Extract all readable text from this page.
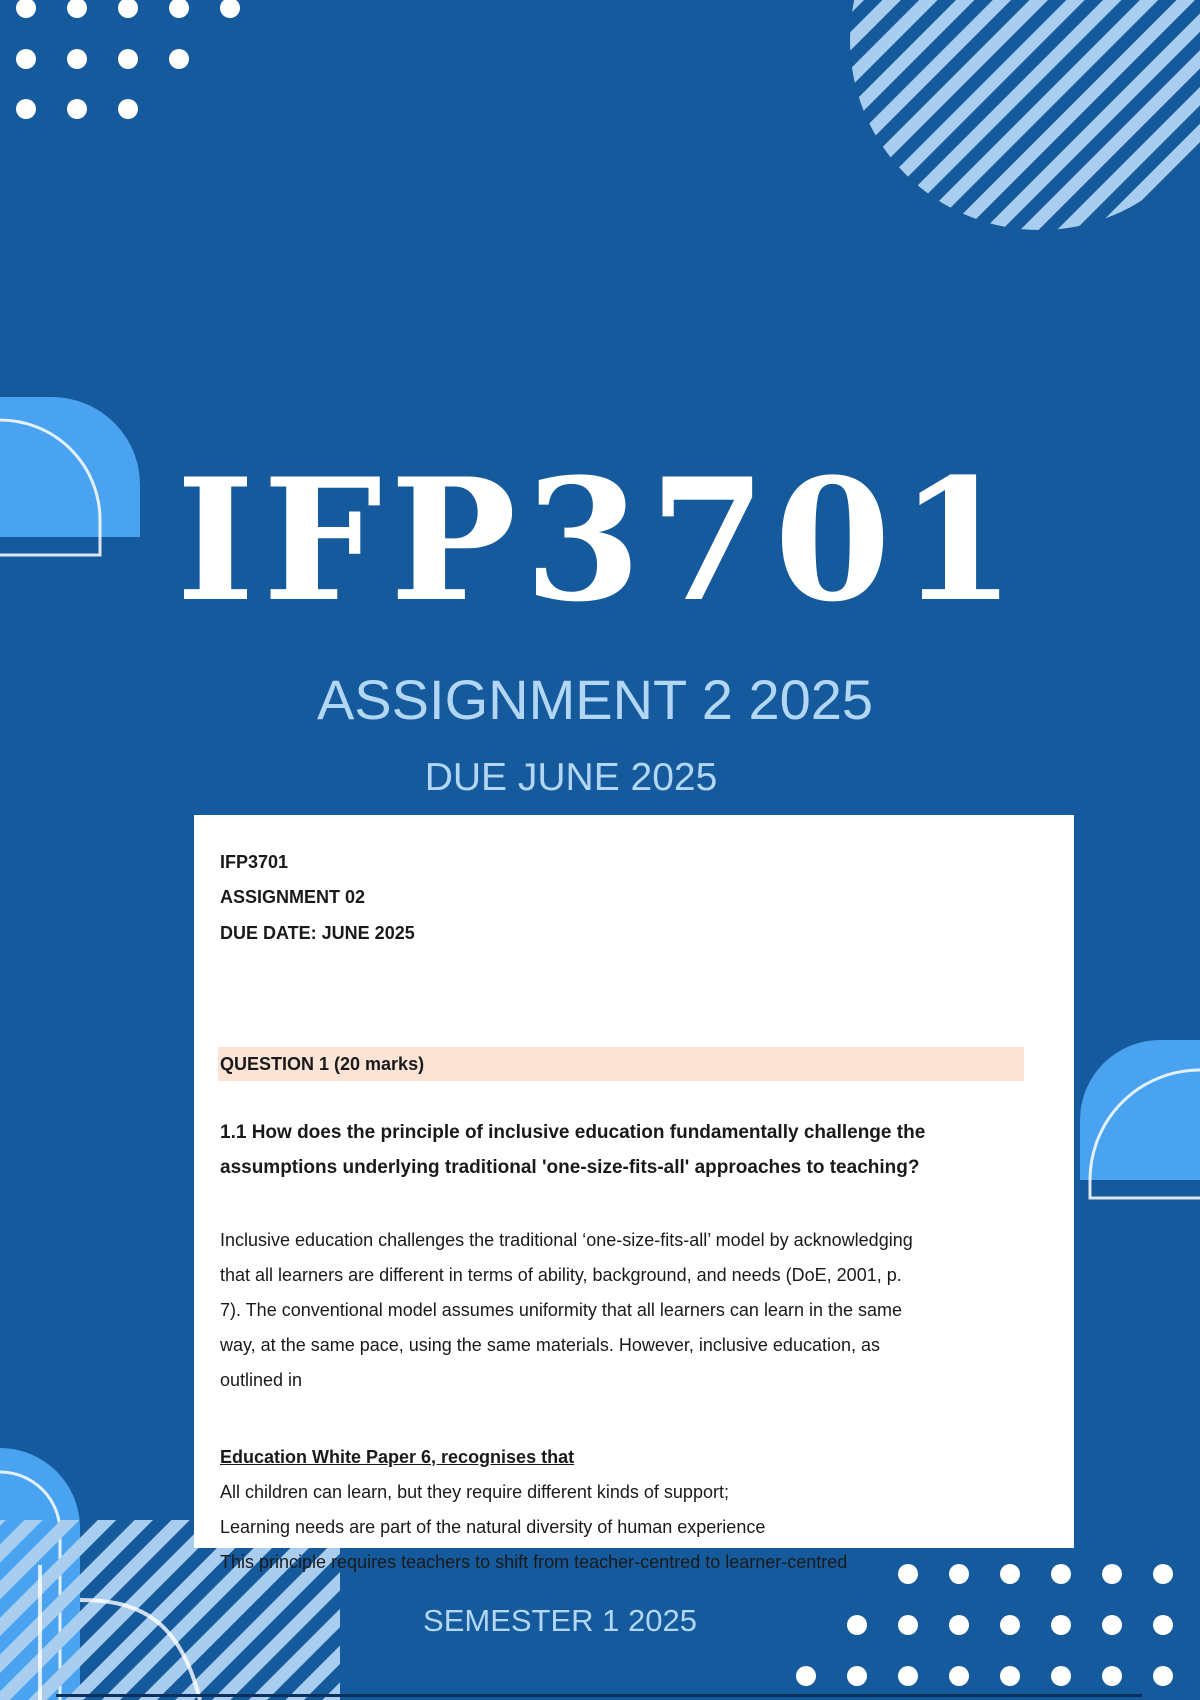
IFP3701
ASSIGNMENT 2 2025
DUE JUNE 2025
IFP3701
ASSIGNMENT 02
DUE DATE: JUNE 2025
QUESTION 1 (20 marks)
1.1 How does the principle of inclusive education fundamentally challenge the
assumptions underlying traditional 'one-size-fits-all' approaches to teaching?
Inclusive education challenges the traditional ‘one-size-fits-all’ model by acknowledging
that all learners are different in terms of ability, background, and needs (DoE, 2001, p.
7). The conventional model assumes uniformity that all learners can learn in the same
way, at the same pace, using the same materials. However, inclusive education, as
outlined in
Education White Paper 6, recognises that
All children can learn, but they require different kinds of support;
Learning needs are part of the natural diversity of human experience
This principle requires teachers to shift from teacher-centred to learner-centred
SEMESTER 1 2025
